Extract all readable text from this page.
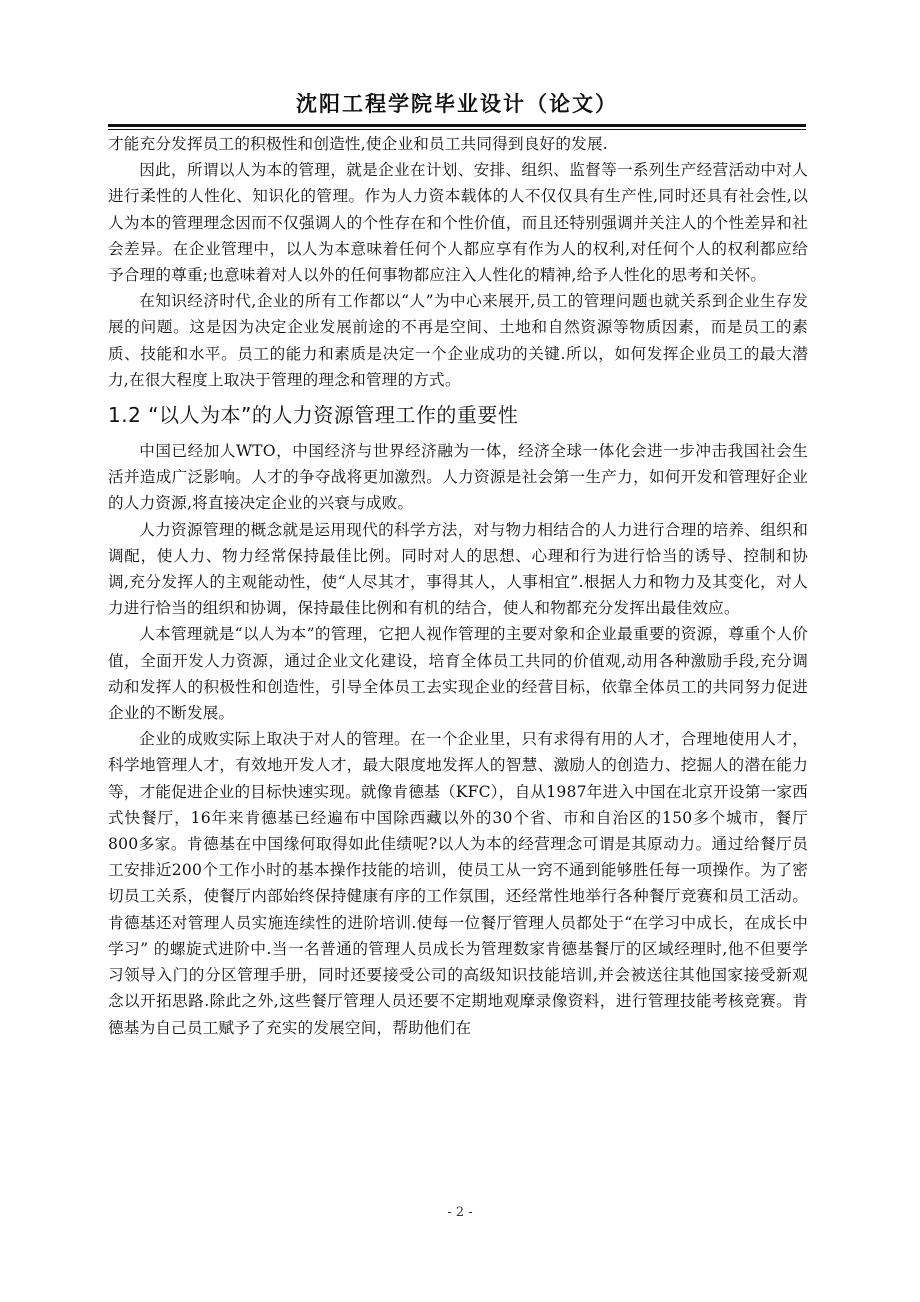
沈阳工程学院毕业设计（论文）

才能充分发挥员工的积极性和创造性,使企业和员工共同得到良好的发展.

因此，所谓以人为本的管理，就是企业在计划、安排、组织、监督等一系列生产经营活动中对人进行柔性的人性化、知识化的管理。作为人力资本载体的人不仅仅具有生产性,同时还具有社会性,以人为本的管理理念因而不仅强调人的个性存在和个性价值，而且还特别强调并关注人的个性差异和社会差异。在企业管理中，以人为本意味着任何个人都应享有作为人的权利,对任何个人的权利都应给予合理的尊重;也意味着对人以外的任何事物都应注入人性化的精神,给予人性化的思考和关怀。

在知识经济时代,企业的所有工作都以“人”为中心来展开,员工的管理问题也就关系到企业生存发展的问题。这是因为决定企业发展前途的不再是空间、土地和自然资源等物质因素，而是员工的素质、技能和水平。员工的能力和素质是决定一个企业成功的关键.所以，如何发挥企业员工的最大潜力,在很大程度上取决于管理的理念和管理的方式。

1.2 “以人为本”的人力资源管理工作的重要性

中国已经加人WTO，中国经济与世界经济融为一体，经济全球一体化会进一步冲击我国社会生活并造成广泛影响。人才的争夺战将更加激烈。人力资源是社会第一生产力，如何开发和管理好企业的人力资源,将直接决定企业的兴衰与成败。

人力资源管理的概念就是运用现代的科学方法，对与物力相结合的人力进行合理的培养、组织和调配，使人力、物力经常保持最佳比例。同时对人的思想、心理和行为进行恰当的诱导、控制和协调,充分发挥人的主观能动性，使“人尽其才，事得其人，人事相宜”.根据人力和物力及其变化，对人力进行恰当的组织和协调，保持最佳比例和有机的结合，使人和物都充分发挥出最佳效应。

人本管理就是“以人为本”的管理，它把人视作管理的主要对象和企业最重要的资源，尊重个人价值，全面开发人力资源，通过企业文化建设，培育全体员工共同的价值观,动用各种激励手段,充分调动和发挥人的积极性和创造性，引导全体员工去实现企业的经营目标，依靠全体员工的共同努力促进企业的不断发展。

企业的成败实际上取决于对人的管理。在一个企业里，只有求得有用的人才，合理地使用人才，科学地管理人才，有效地开发人才，最大限度地发挥人的智慧、激励人的创造力、挖掘人的潜在能力等，才能促进企业的目标快速实现。就像肯德基（KFC），自从1987年进入中国在北京开设第一家西式快餐厅，16年来肯德基已经遍布中国除西藏以外的30个省、市和自治区的150多个城市，餐厅800多家。肯德基在中国缘何取得如此佳绩呢?以人为本的经营理念可谓是其原动力。通过给餐厅员工安排近200个工作小时的基本操作技能的培训，使员工从一窍不通到能够胜任每一项操作。为了密切员工关系，使餐厅内部始终保持健康有序的工作氛围，还经常性地举行各种餐厅竞赛和员工活动。肯德基还对管理人员实施连续性的进阶培训.使每一位餐厅管理人员都处于“在学习中成长，在成长中学习” 的螺旋式进阶中.当一名普通的管理人员成长为管理数家肯德基餐厅的区域经理时,他不但要学习领导入门的分区管理手册，同时还要接受公司的高级知识技能培训,并会被送往其他国家接受新观念以开拓思路.除此之外,这些餐厅管理人员还要不定期地观摩录像资料，进行管理技能考核竞赛。肯德基为自己员工赋予了充实的发展空间，帮助他们在

- 2 -
